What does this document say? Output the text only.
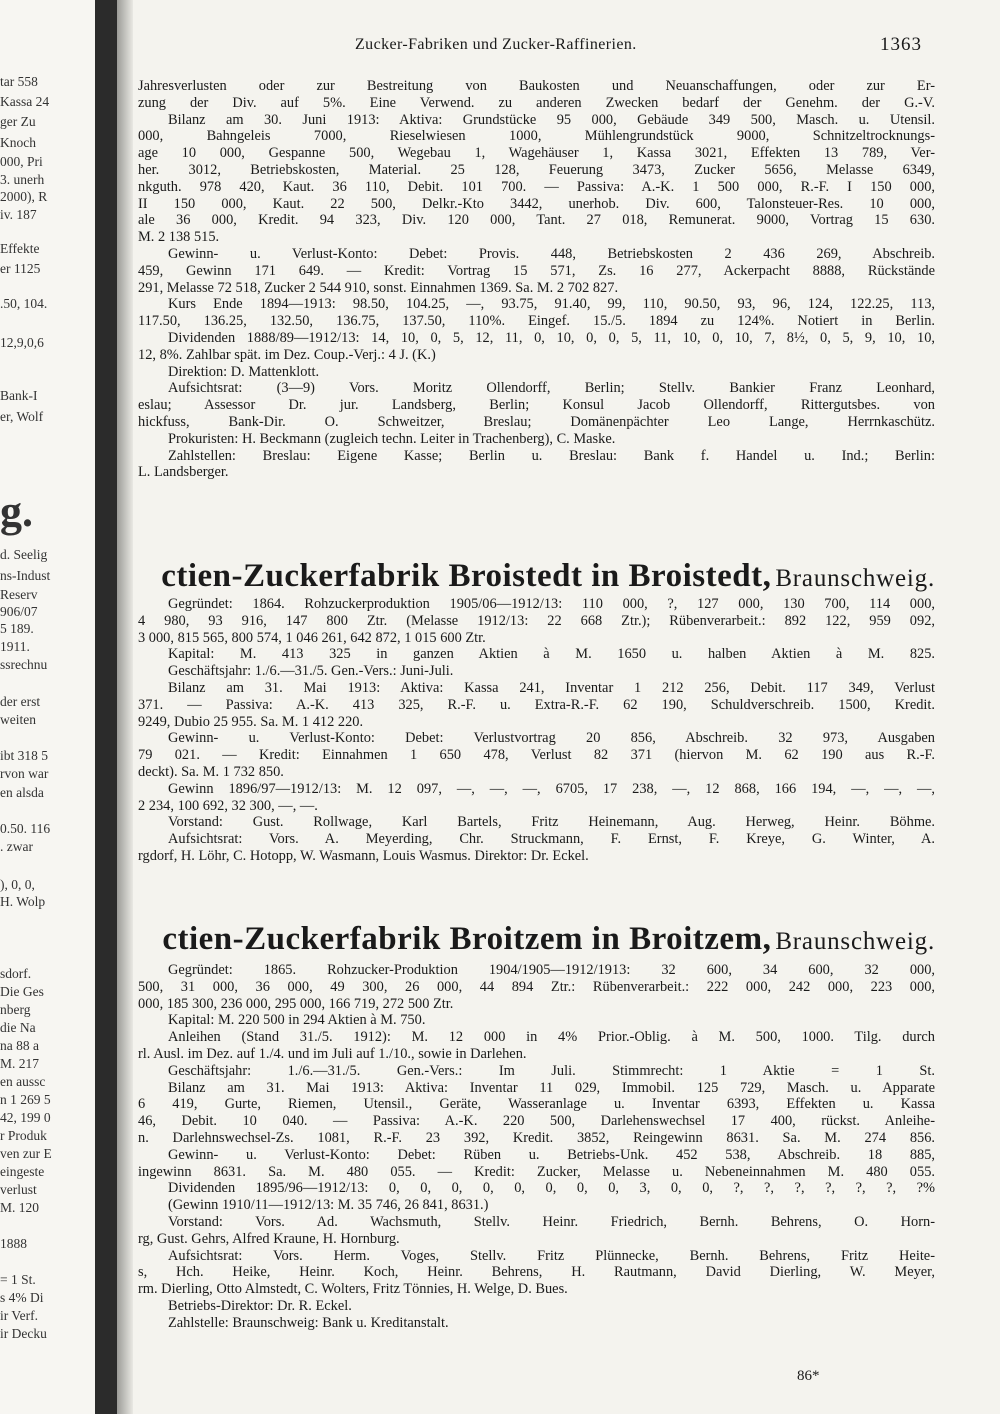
tar 558
Kassa 24
ger Zu
Knoch
000, Pri
3. unerh
2000), R
iv. 187
Effekte
er 1125
.50, 104.
12,9,0,6
Bank-I
er, Wolf
g.
d. Seelig
ns-Indust
Reserv
906/07
5 189.
1911.
ssrechnu
der erst
weiten
ibt 318 5
rvon war
en alsda
0.50. 116
. zwar
), 0, 0,
H. Wolp
sdorf.
Die Ges
nberg
die Na
na 88 a
M. 217
en aussc
n 1 269 5
42, 199 0
r Produk
ven zur E
eingeste
verlust
M. 120
1888
= 1 St.
s 4% Di
ir Verf.
ir Decku
Zucker-Fabriken und Zucker-Raffinerien.	1363
Jahresverlusten oder zur Bestreitung von Baukosten und Neuanschaffungen, oder zur Er-
zung der Div. auf 5%. Eine Verwend. zu anderen Zwecken bedarf der Genehm. der G.-V.
Bilanz am 30. Juni 1913: Aktiva: Grundstücke 95 000, Gebäude 349 500, Masch. u. Utensil.
000, Bahngeleis 7000, Rieselwiesen 1000, Mühlengrundstück 9000, Schnitzeltrocknungs-
age 10 000, Gespanne 500, Wegebau 1, Wagehäuser 1, Kassa 3021, Effekten 13 789, Ver-
her. 3012, Betriebskosten, Material. 25 128, Feuerung 3473, Zucker 5656, Melasse 6349,
nkguth. 978 420, Kaut. 36 110, Debit. 101 700. — Passiva: A.-K. 1 500 000, R.-F. I 150 000,
II 150 000, Kaut. 22 500, Delkr.-Kto 3442, unerhob. Div. 600, Talonsteuer-Res. 10 000,
ale 36 000, Kredit. 94 323, Div. 120 000, Tant. 27 018, Remunerat. 9000, Vortrag 15 630.
M. 2 138 515.
Gewinn- u. Verlust-Konto: Debet: Provis. 448, Betriebskosten 2 436 269, Abschreib.
459, Gewinn 171 649. — Kredit: Vortrag 15 571, Zs. 16 277, Ackerpacht 8888, Rückstände
291, Melasse 72 518, Zucker 2 544 910, sonst. Einnahmen 1369. Sa. M. 2 702 827.
Kurs Ende 1894—1913: 98.50, 104.25, —, 93.75, 91.40, 99, 110, 90.50, 93, 96, 124, 122.25, 113,
117.50, 136.25, 132.50, 136.75, 137.50, 110%. Eingef. 15./5. 1894 zu 124%. Notiert in Berlin.
Dividenden 1888/89—1912/13: 14, 10, 0, 5, 12, 11, 0, 10, 0, 0, 5, 11, 10, 0, 10, 7, 8½, 0, 5, 9, 10, 10,
12, 8%. Zahlbar spät. im Dez. Coup.-Verj.: 4 J. (K.)
Direktion: D. Mattenklott.
Aufsichtsrat: (3—9) Vors. Moritz Ollendorff, Berlin; Stellv. Bankier Franz Leonhard,
eslau; Assessor Dr. jur. Landsberg, Berlin; Konsul Jacob Ollendorff, Rittergutsbes. von
hickfuss, Bank-Dir. O. Schweitzer, Breslau; Domänenpächter Leo Lange, Herrnkaschütz.
Prokuristen: H. Beckmann (zugleich techn. Leiter in Trachenberg), C. Maske.
Zahlstellen: Breslau: Eigene Kasse; Berlin u. Breslau: Bank f. Handel u. Ind.; Berlin:
L. Landsberger.
ctien-Zuckerfabrik Broistedt in Broistedt, Braunschweig.
Gegründet: 1864. Rohzuckerproduktion 1905/06—1912/13: 110 000, ?, 127 000, 130 700, 114 000,
4 980, 93 916, 147 800 Ztr. (Melasse 1912/13: 22 668 Ztr.); Rübenverarbeit.: 892 122, 959 092,
3 000, 815 565, 800 574, 1 046 261, 642 872, 1 015 600 Ztr.
Kapital: M. 413 325 in ganzen Aktien à M. 1650 u. halben Aktien à M. 825.
Geschäftsjahr: 1./6.—31./5. Gen.-Vers.: Juni-Juli.
Bilanz am 31. Mai 1913: Aktiva: Kassa 241, Inventar 1 212 256, Debit. 117 349, Verlust
371. — Passiva: A.-K. 413 325, R.-F. u. Extra-R.-F. 62 190, Schuldverschreib. 1500, Kredit.
9249, Dubio 25 955. Sa. M. 1 412 220.
Gewinn- u. Verlust-Konto: Debet: Verlustvortrag 20 856, Abschreib. 32 973, Ausgaben
79 021. — Kredit: Einnahmen 1 650 478, Verlust 82 371 (hiervon M. 62 190 aus R.-F.
deckt). Sa. M. 1 732 850.
Gewinn 1896/97—1912/13: M. 12 097, —, —, —, 6705, 17 238, —, 12 868, 166 194, —, —, —,
2 234, 100 692, 32 300, —, —.
Vorstand: Gust. Rollwage, Karl Bartels, Fritz Heinemann, Aug. Herweg, Heinr. Böhme.
Aufsichtsrat: Vors. A. Meyerding, Chr. Struckmann, F. Ernst, F. Kreye, G. Winter, A.
rgdorf, H. Löhr, C. Hotopp, W. Wasmann, Louis Wasmus. Direktor: Dr. Eckel.
ctien-Zuckerfabrik Broitzem in Broitzem, Braunschweig.
Gegründet: 1865. Rohzucker-Produktion 1904/1905—1912/1913: 32 600, 34 600, 32 000,
500, 31 000, 36 000, 49 300, 26 000, 44 894 Ztr.: Rübenverarbeit.: 222 000, 242 000, 223 000,
000, 185 300, 236 000, 295 000, 166 719, 272 500 Ztr.
Kapital: M. 220 500 in 294 Aktien à M. 750.
Anleihen (Stand 31./5. 1912): M. 12 000 in 4% Prior.-Oblig. à M. 500, 1000. Tilg. durch
rl. Ausl. im Dez. auf 1./4. und im Juli auf 1./10., sowie in Darlehen.
Geschäftsjahr: 1./6.—31./5. Gen.-Vers.: Im Juli. Stimmrecht: 1 Aktie = 1 St.
Bilanz am 31. Mai 1913: Aktiva: Inventar 11 029, Immobil. 125 729, Masch. u. Apparate
6 419, Gurte, Riemen, Utensil., Geräte, Wasseranlage u. Inventar 6393, Effekten u. Kassa
46, Debit. 10 040. — Passiva: A.-K. 220 500, Darlehenswechsel 17 400, rückst. Anleihe-
n. Darlehnswechsel-Zs. 1081, R.-F. 23 392, Kredit. 3852, Reingewinn 8631. Sa. M. 274 856.
Gewinn- u. Verlust-Konto: Debet: Rüben u. Betriebs-Unk. 452 538, Abschreib. 18 885,
ingewinn 8631. Sa. M. 480 055. — Kredit: Zucker, Melasse u. Nebeneinnahmen M. 480 055.
Dividenden 1895/96—1912/13: 0, 0, 0, 0, 0, 0, 0, 0, 3, 0, 0, ?, ?, ?, ?, ?, ?, ?%
(Gewinn 1910/11—1912/13: M. 35 746, 26 841, 8631.)
Vorstand: Vors. Ad. Wachsmuth, Stellv. Heinr. Friedrich, Bernh. Behrens, O. Horn-
rg, Gust. Gehrs, Alfred Kraune, H. Hornburg.
Aufsichtsrat: Vors. Herm. Voges, Stellv. Fritz Plünnecke, Bernh. Behrens, Fritz Heite-
s, Hch. Heike, Heinr. Koch, Heinr. Behrens, H. Rautmann, David Dierling, W. Meyer,
rm. Dierling, Otto Almstedt, C. Wolters, Fritz Tönnies, H. Welge, D. Bues.
Betriebs-Direktor: Dr. R. Eckel.
Zahlstelle: Braunschweig: Bank u. Kreditanstalt.
86*
